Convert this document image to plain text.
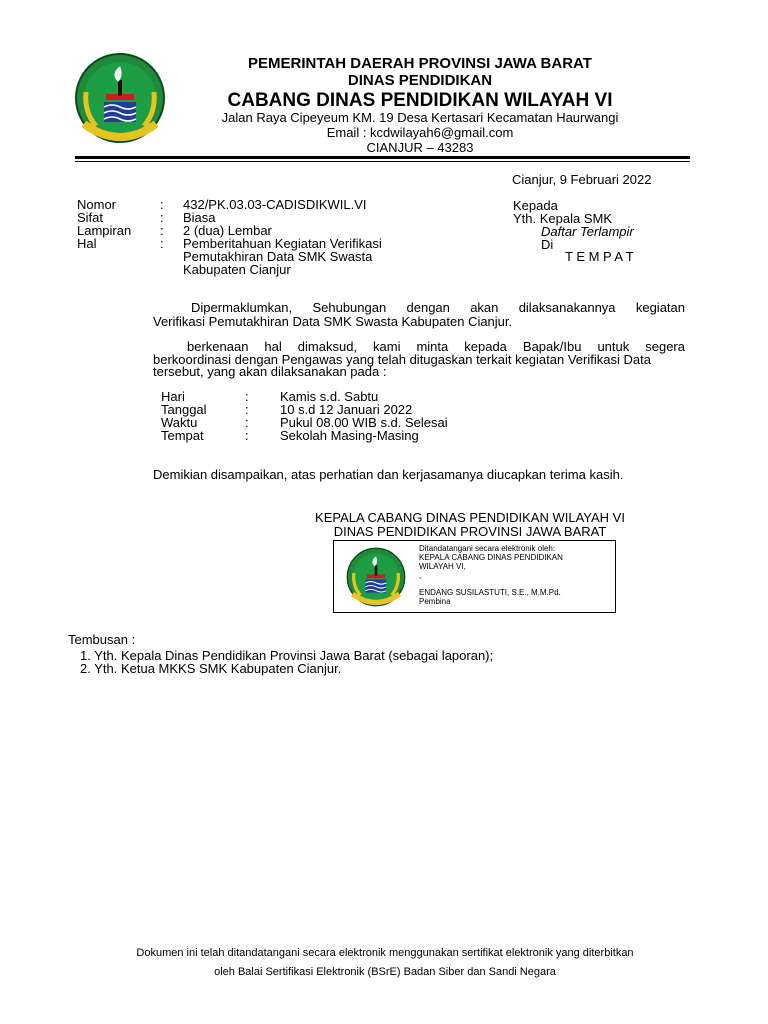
PEMERINTAH DAERAH PROVINSI JAWA BARAT
DINAS PENDIDIKAN
CABANG DINAS PENDIDIKAN WILAYAH VI
Jalan Raya Cipeyeum KM. 19 Desa Kertasari Kecamatan Haurwangi
Email : kcdwilayah6@gmail.com
CIANJUR – 43283
Cianjur, 9 Februari 2022
Nomor	: 432/PK.03.03-CADISDIKWIL.VI
Sifat	: Biasa
Lampiran : 2 (dua) Lembar
Hal	: Pemberitahuan Kegiatan Verifikasi
Pemutakhiran Data SMK Swasta
Kabupaten Cianjur
Kepada
Yth. Kepala SMK
Daftar Terlampir
Di
T E M P A T
Dipermaklumkan, Sehubungan dengan akan dilaksanakannya kegiatan
Verifikasi Pemutakhiran Data SMK Swasta Kabupaten Cianjur.
berkenaan hal dimaksud, kami minta kepada Bapak/Ibu untuk segera
berkoordinasi dengan Pengawas yang telah ditugaskan terkait kegiatan Verifikasi Data
tersebut, yang akan dilaksanakan pada :
Hari	: Kamis s.d. Sabtu
Tanggal	: 10 s.d 12 Januari 2022
Waktu	: Pukul 08.00 WIB s.d. Selesai
Tempat	: Sekolah Masing-Masing
Demikian disampaikan, atas perhatian dan kerjasamanya diucapkan terima kasih.
KEPALA CABANG DINAS PENDIDIKAN WILAYAH VI
DINAS PENDIDIKAN PROVINSI JAWA BARAT
Ditandatangani secara elektronik oleh:
KEPALA CABANG DINAS PENDIDIKAN
WILAYAH VI,
,
ENDANG SUSILASTUTI, S.E., M.M.Pd.
Pembina
Tembusan :
1. Yth. Kepala Dinas Pendidikan Provinsi Jawa Barat (sebagai laporan);
2. Yth. Ketua MKKS SMK Kabupaten Cianjur.
Dokumen ini telah ditandatangani secara elektronik menggunakan sertifikat elektronik yang diterbitkan
oleh Balai Sertifikasi Elektronik (BSrE) Badan Siber dan Sandi Negara
